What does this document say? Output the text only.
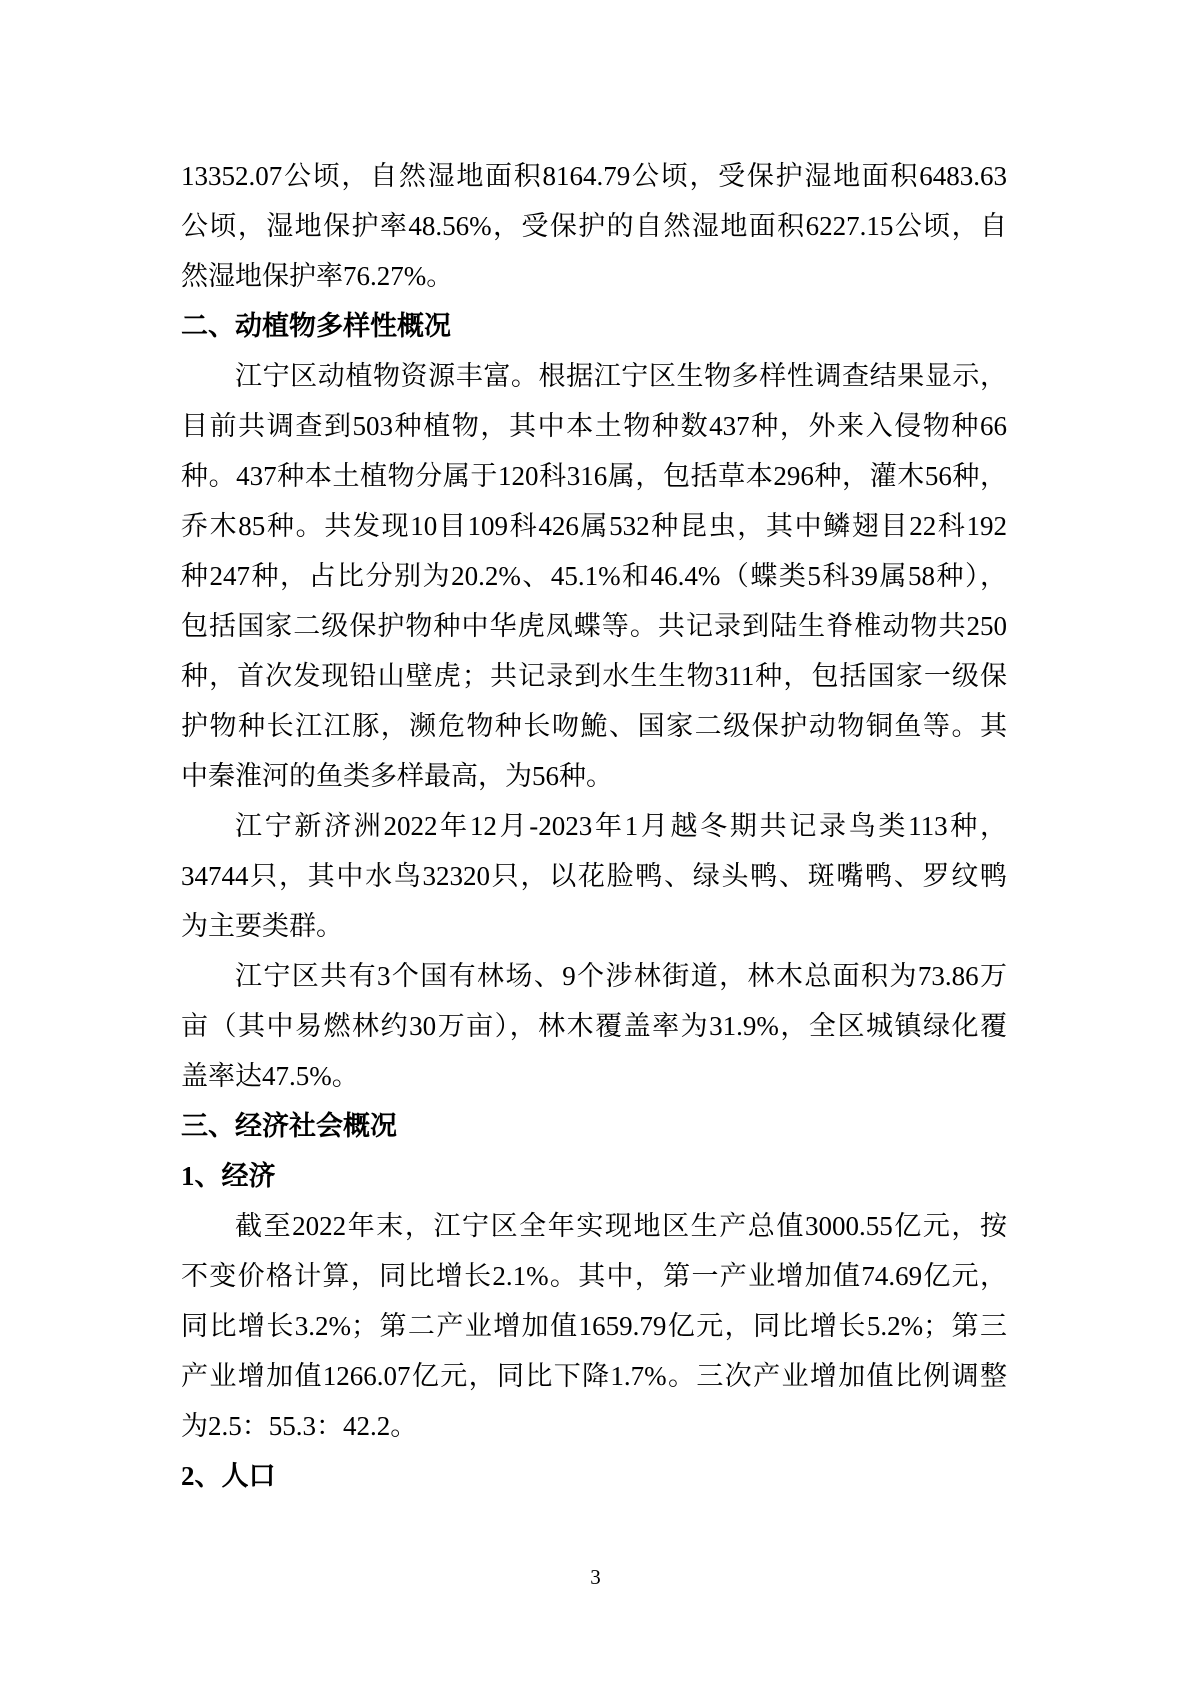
13352.07公顷，自然湿地面积8164.79公顷，受保护湿地面积6483.63
公顷，湿地保护率48.56%，受保护的自然湿地面积6227.15公顷，自
然湿地保护率76.27%。
二、动植物多样性概况
江宁区动植物资源丰富。根据江宁区生物多样性调查结果显示，
目前共调查到503种植物，其中本土物种数437种，外来入侵物种66
种。437种本土植物分属于120科316属，包括草本296种，灌木56种，
乔木85种。共发现10目109科426属532种昆虫，其中鳞翅目22科192
种247种，占比分别为20.2%、45.1%和46.4%（蝶类5科39属58种），
包括国家二级保护物种中华虎凤蝶等。共记录到陆生脊椎动物共250
种，首次发现铅山壁虎；共记录到水生生物311种，包括国家一级保
护物种长江江豚，濒危物种长吻鮠、国家二级保护动物铜鱼等。其
中秦淮河的鱼类多样最高，为56种。
江宁新济洲2022年12月-2023年1月越冬期共记录鸟类113种，
34744只，其中水鸟32320只，以花脸鸭、绿头鸭、斑嘴鸭、罗纹鸭
为主要类群。
江宁区共有3个国有林场、9个涉林街道，林木总面积为73.86万
亩（其中易燃林约30万亩），林木覆盖率为31.9%，全区城镇绿化覆
盖率达47.5%。
三、经济社会概况
1、经济
截至2022年末，江宁区全年实现地区生产总值3000.55亿元，按
不变价格计算，同比增长2.1%。其中，第一产业增加值74.69亿元，
同比增长3.2%；第二产业增加值1659.79亿元，同比增长5.2%；第三
产业增加值1266.07亿元，同比下降1.7%。三次产业增加值比例调整
为2.5：55.3：42.2。
2、人口
3
